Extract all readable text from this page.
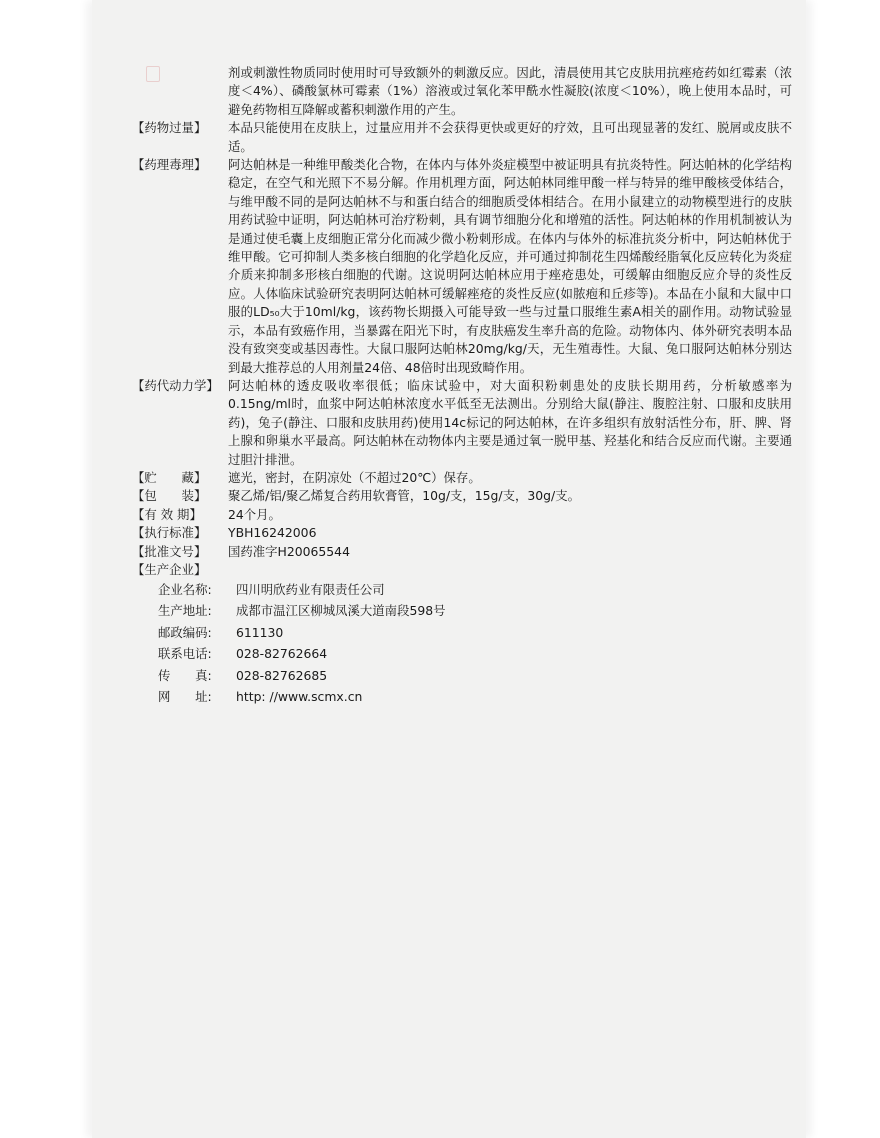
剂或刺激性物质同时使用时可导致额外的刺激反应。因此，清晨使用其它皮肤用抗痤疮药如红霉素（浓度＜4%）、磷酸氯林可霉素（1%）溶液或过氧化苯甲酰水性凝胶(浓度＜10%），晚上使用本品时，可避免药物相互降解或蓄积刺激作用的产生。
【药物过量】	本品只能使用在皮肤上，过量应用并不会获得更快或更好的疗效，且可出现显著的发红、脱屑或皮肤不适。
【药理毒理】	阿达帕林是一种维甲酸类化合物，在体内与体外炎症模型中被证明具有抗炎特性。阿达帕林的化学结构稳定，在空气和光照下不易分解。作用机理方面，阿达帕林同维甲酸一样与特异的维甲酸核受体结合，与维甲酸不同的是阿达帕林不与和蛋白结合的细胞质受体相结合。在用小鼠建立的动物模型进行的皮肤用药试验中证明，阿达帕林可治疗粉刺，具有调节细胞分化和增殖的活性。阿达帕林的作用机制被认为是通过使毛囊上皮细胞正常分化而减少微小粉刺形成。在体内与体外的标准抗炎分析中，阿达帕林优于维甲酸。它可抑制人类多核白细胞的化学趋化反应，并可通过抑制花生四烯酸经脂氧化反应转化为炎症介质来抑制多形核白细胞的代谢。这说明阿达帕林应用于痤疮患处，可缓解由细胞反应介导的炎性反应。人体临床试验研究表明阿达帕林可缓解痤疮的炎性反应(如脓疱和丘疹等)。本品在小鼠和大鼠中口服的LD₅₀大于10ml/kg，该药物长期摄入可能导致一些与过量口服维生素A相关的副作用。动物试验显示，本品有致癌作用，当暴露在阳光下时，有皮肤癌发生率升高的危险。动物体内、体外研究表明本品没有致突变或基因毒性。大鼠口服阿达帕林20mg/kg/天，无生殖毒性。大鼠、兔口服阿达帕林分别达到最大推荐总的人用剂量24倍、48倍时出现致畸作用。
【药代动力学】 阿达帕林的透皮吸收率很低；临床试验中，对大面积粉刺患处的皮肤长期用药，分析敏感率为0.15ng/ml时，血浆中阿达帕林浓度水平低至无法测出。分别给大鼠(静注、腹腔注射、口服和皮肤用药)，兔子(静注、口服和皮肤用药)使用14c标记的阿达帕林，在许多组织有放射活性分布，肝、脾、肾上腺和卵巢水平最高。阿达帕林在动物体内主要是通过氧一脱甲基、羟基化和结合反应而代谢。主要通过胆汁排泄。
【贮　　藏】	遮光，密封，在阴凉处（不超过20℃）保存。
【包　　装】	聚乙烯/铝/聚乙烯复合药用软膏管，10g/支，15g/支，30g/支。
【有 效 期】	24个月。
【执行标准】	YBH16242006
【批准文号】	国药准字H20065544
【生产企业】
企业名称:	四川明欣药业有限责任公司
生产地址:	成都市温江区柳城凤溪大道南段598号
邮政编码:	611130
联系电话:	028-82762664
传　　真:	028-82762685
网　　址:	http: //www.scmx.cn
